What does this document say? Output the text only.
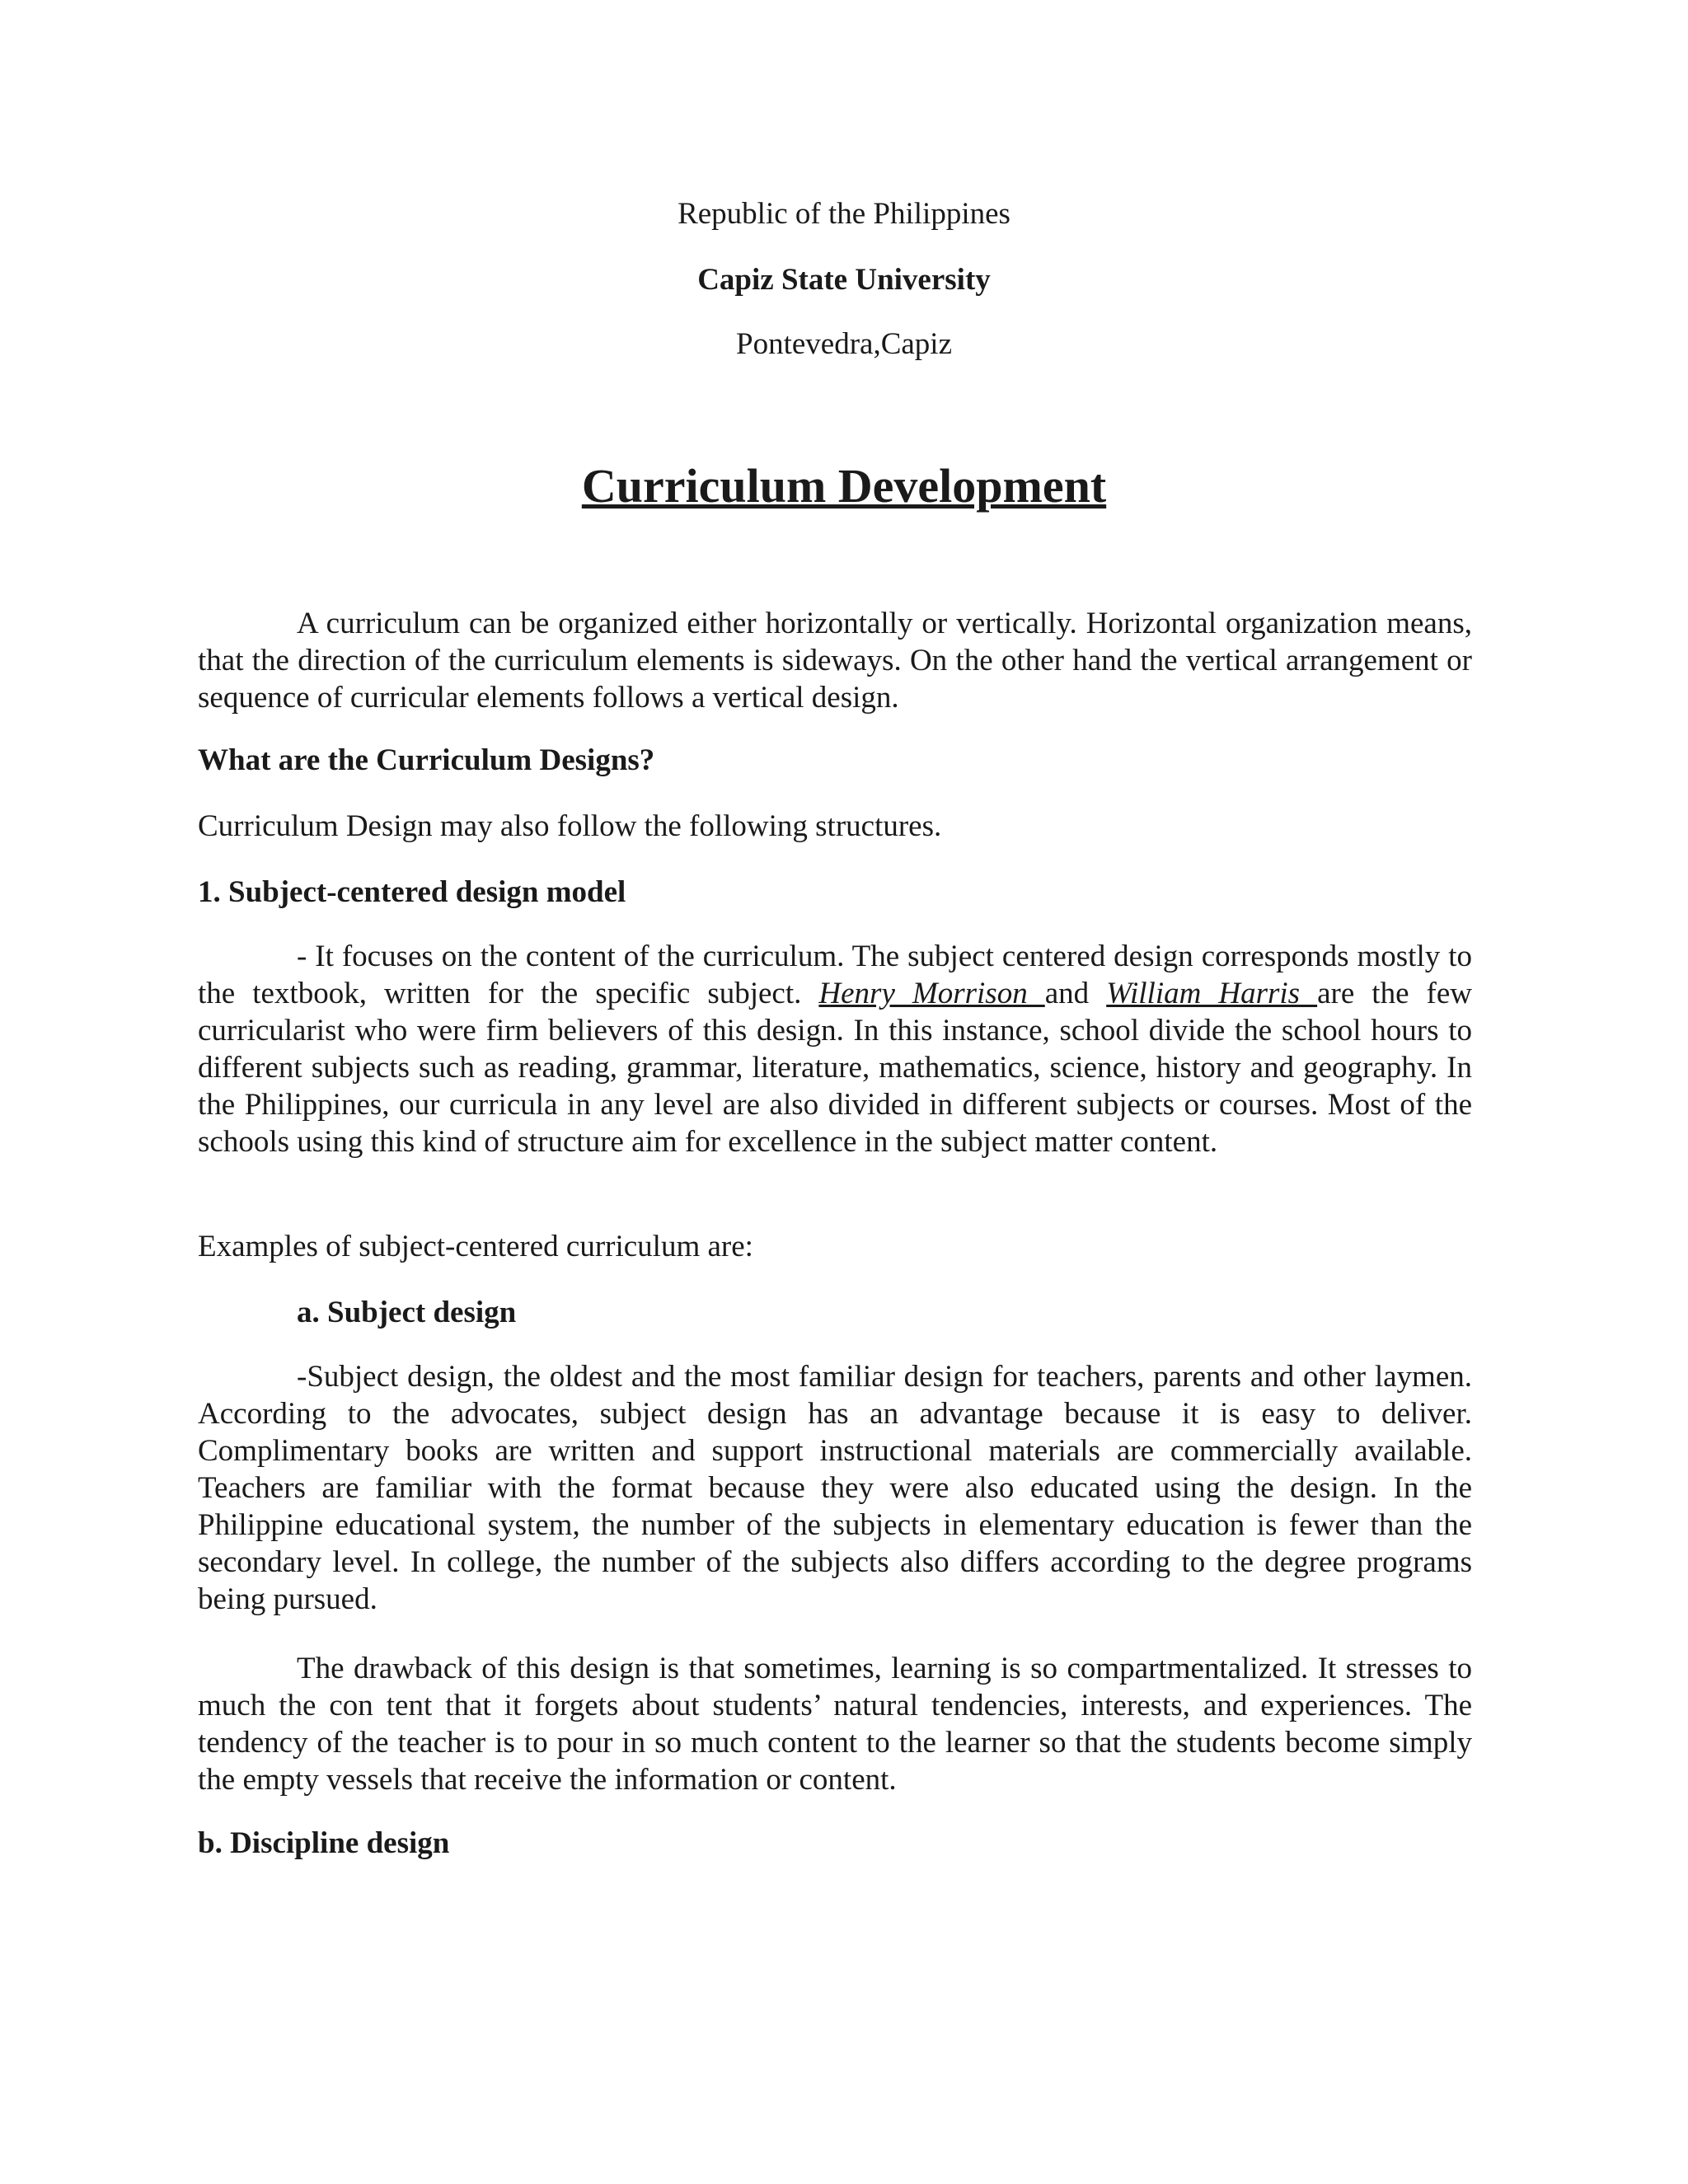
Republic of the Philippines

Capiz State University

Pontevedra,Capiz

Curriculum Development

A curriculum can be organized either horizontally or vertically. Horizontal organization means, that the direction of the curriculum elements is sideways. On the other hand the vertical arrangement or sequence of curricular elements follows a vertical design.

What are the Curriculum Designs?

Curriculum Design may also follow the following structures.

1. Subject-centered design model

- It focuses on the content of the curriculum. The subject centered design corresponds mostly to the textbook, written for the specific subject. Henry Morrison and William Harris are the few curricularist who were firm believers of this design. In this instance, school divide the school hours to different subjects such as reading, grammar, literature, mathematics, science, history and geography. In the Philippines, our curricula in any level are also divided in different subjects or courses. Most of the schools using this kind of structure aim for excellence in the subject matter content.

Examples of subject-centered curriculum are:

a. Subject design

-Subject design, the oldest and the most familiar design for teachers, parents and other laymen. According to the advocates, subject design has an advantage because it is easy to deliver. Complimentary books are written and support instructional materials are commercially available. Teachers are familiar with the format because they were also educated using the design. In the Philippine educational system, the number of the subjects in elementary education is fewer than the secondary level. In college, the number of the subjects also differs according to the degree programs being pursued.

The drawback of this design is that sometimes, learning is so compartmentalized. It stresses to much the con tent that it forgets about students’ natural tendencies, interests, and experiences. The tendency of the teacher is to pour in so much content to the learner so that the students become simply the empty vessels that receive the information or content.

b. Discipline design
